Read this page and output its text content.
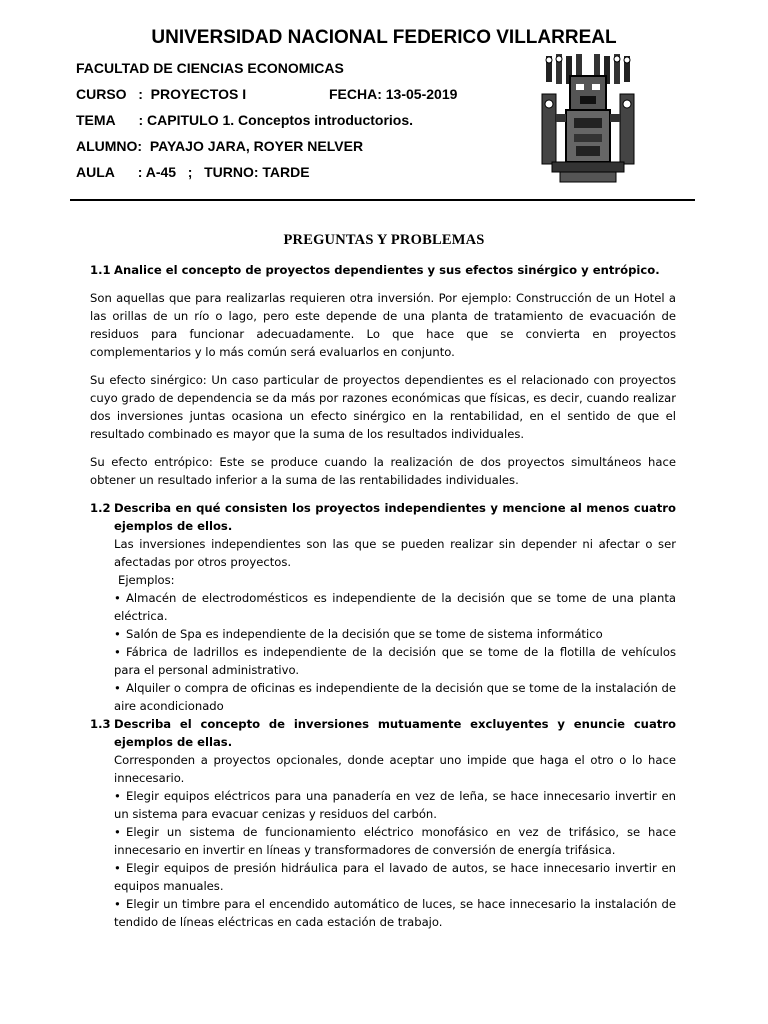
UNIVERSIDAD NACIONAL FEDERICO VILLARREAL
FACULTAD DE CIENCIAS ECONOMICAS
CURSO   :  PROYECTOS I	FECHA: 13-05-2019
TEMA      : CAPITULO 1. Conceptos introductorios.
ALUMNO:  PAYAJO JARA, ROYER NELVER
AULA      : A-45   ;   TURNO: TARDE
PREGUNTAS Y PROBLEMAS

1.1 Analice el concepto de proyectos dependientes y sus efectos sinérgico y entrópico.

Son aquellas que para realizarlas requieren otra inversión. Por ejemplo: Construcción de un Hotel a las orillas de un río o lago, pero este depende de una planta de tratamiento de evacuación de residuos para funcionar adecuadamente. Lo que hace que se convierta en proyectos complementarios y lo más común será evaluarlos en conjunto.

Su efecto sinérgico: Un caso particular de proyectos dependientes es el relacionado con proyectos cuyo grado de dependencia se da más por razones económicas que físicas, es decir, cuando realizar dos inversiones juntas ocasiona un efecto sinérgico en la rentabilidad, en el sentido de que el resultado combinado es mayor que la suma de los resultados individuales.

Su efecto entrópico: Este se produce cuando la realización de dos proyectos simultáneos hace obtener un resultado inferior a la suma de las rentabilidades individuales.

1.2 Describa en qué consisten los proyectos independientes y mencione al menos cuatro ejemplos de ellos.

Las inversiones independientes son las que se pueden realizar sin depender ni afectar o ser afectadas por otros proyectos.

Ejemplos:

• Almacén de electrodomésticos es independiente de la decisión que se tome de una planta eléctrica.

• Salón de Spa es independiente de la decisión que se tome de sistema informático

• Fábrica de ladrillos es independiente de la decisión que se tome de la flotilla de vehículos para el personal administrativo.

• Alquiler o compra de oficinas es independiente de la decisión que se tome de la instalación de aire acondicionado

1.3 Describa el concepto de inversiones mutuamente excluyentes y enuncie cuatro ejemplos de ellas.

Corresponden a proyectos opcionales, donde aceptar uno impide que haga el otro o lo hace innecesario.

• Elegir equipos eléctricos para una panadería en vez de leña, se hace innecesario invertir en un sistema para evacuar cenizas y residuos del carbón.

• Elegir un sistema de funcionamiento eléctrico monofásico en vez de trifásico, se hace innecesario en invertir en líneas y transformadores de conversión de energía trifásica.

• Elegir equipos de presión hidráulica para el lavado de autos, se hace innecesario invertir en equipos manuales.

• Elegir un timbre para el encendido automático de luces, se hace innecesario la instalación de tendido de líneas eléctricas en cada estación de trabajo.
